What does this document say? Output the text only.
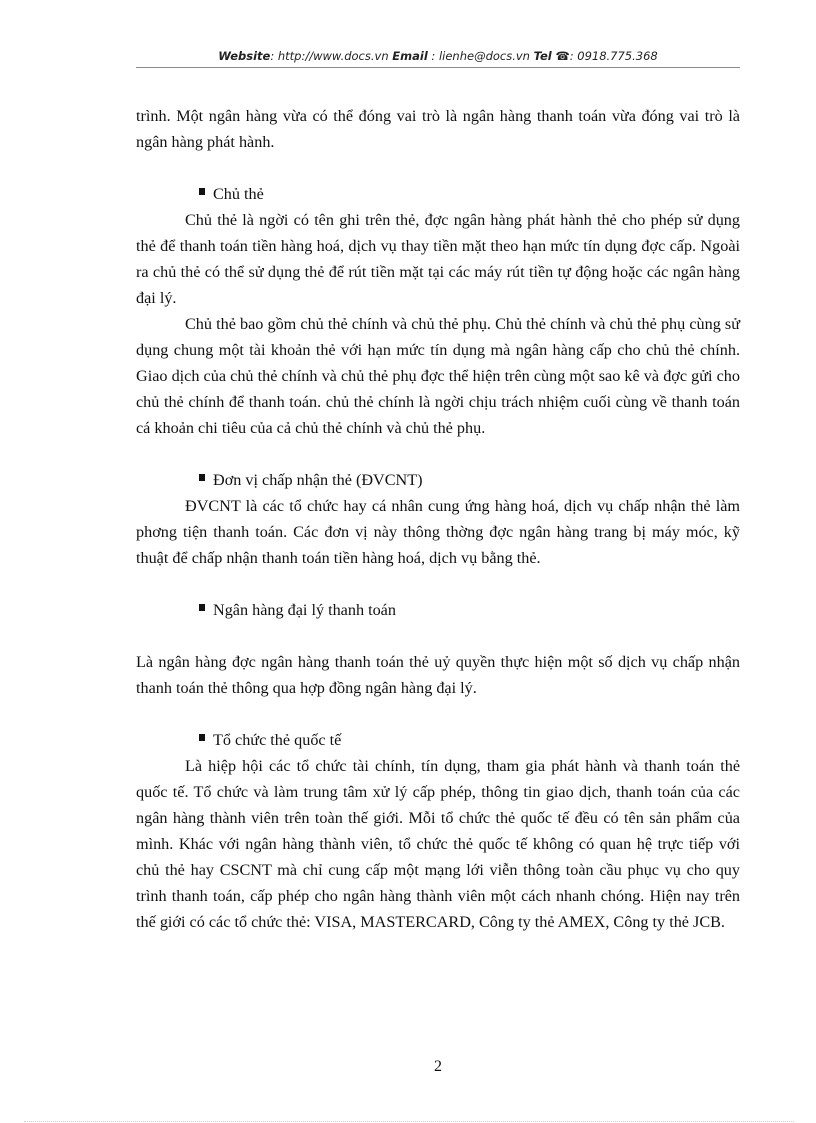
Website: http://www.docs.vn Email : lienhe@docs.vn Tel ☎: 0918.775.368

trình. Một ngân hàng vừa có thể đóng vai trò là ngân hàng thanh toán vừa đóng vai trò là ngân hàng phát hành.

Chủ thẻ

Chủ thẻ là ngời có tên ghi trên thẻ, đợc ngân hàng phát hành thẻ cho phép sử dụng thẻ để thanh toán tiền hàng hoá, dịch vụ thay tiền mặt theo hạn mức tín dụng đợc cấp. Ngoài ra chủ thẻ có thể sử dụng thẻ để rút tiền mặt tại các máy rút tiền tự động hoặc các ngân hàng đại lý.

Chủ thẻ bao gồm chủ thẻ chính và chủ thẻ phụ. Chủ thẻ chính và chủ thẻ phụ cùng sử dụng chung một tài khoản thẻ với hạn mức tín dụng mà ngân hàng cấp cho chủ thẻ chính. Giao dịch của chủ thẻ chính và chủ thẻ phụ đợc thể hiện trên cùng một sao kê và đợc gửi cho chủ thẻ chính để thanh toán. chủ thẻ chính là ngời chịu trách nhiệm cuối cùng về thanh toán cá khoản chi tiêu của cả chủ thẻ chính và chủ thẻ phụ.

Đơn vị chấp nhận thẻ (ĐVCNT)

ĐVCNT là các tổ chức hay cá nhân cung ứng hàng hoá, dịch vụ chấp nhận thẻ làm phơng tiện thanh toán. Các đơn vị này thông thờng đợc ngân hàng trang bị máy móc, kỹ thuật để chấp nhận thanh toán tiền hàng hoá, dịch vụ bằng thẻ.

Ngân hàng đại lý thanh toán

Là ngân hàng đợc ngân hàng thanh toán thẻ uỷ quyền thực hiện một số dịch vụ chấp nhận thanh toán thẻ thông qua hợp đồng ngân hàng đại lý.

Tổ chức thẻ quốc tế

Là hiệp hội các tổ chức tài chính, tín dụng, tham gia phát hành và thanh toán thẻ quốc tế. Tổ chức và làm trung tâm xử lý cấp phép, thông tin giao dịch, thanh toán của các ngân hàng thành viên trên toàn thế giới. Mỗi tổ chức thẻ quốc tế đều có tên sản phẩm của mình. Khác với ngân hàng thành viên, tổ chức thẻ quốc tế không có quan hệ trực tiếp với chủ thẻ hay CSCNT mà chỉ cung cấp một mạng lới viễn thông toàn cầu phục vụ cho quy trình thanh toán, cấp phép cho ngân hàng thành viên một cách nhanh chóng. Hiện nay trên thế giới có các tổ chức thẻ: VISA, MASTERCARD, Công ty thẻ AMEX, Công ty thẻ JCB.

2
